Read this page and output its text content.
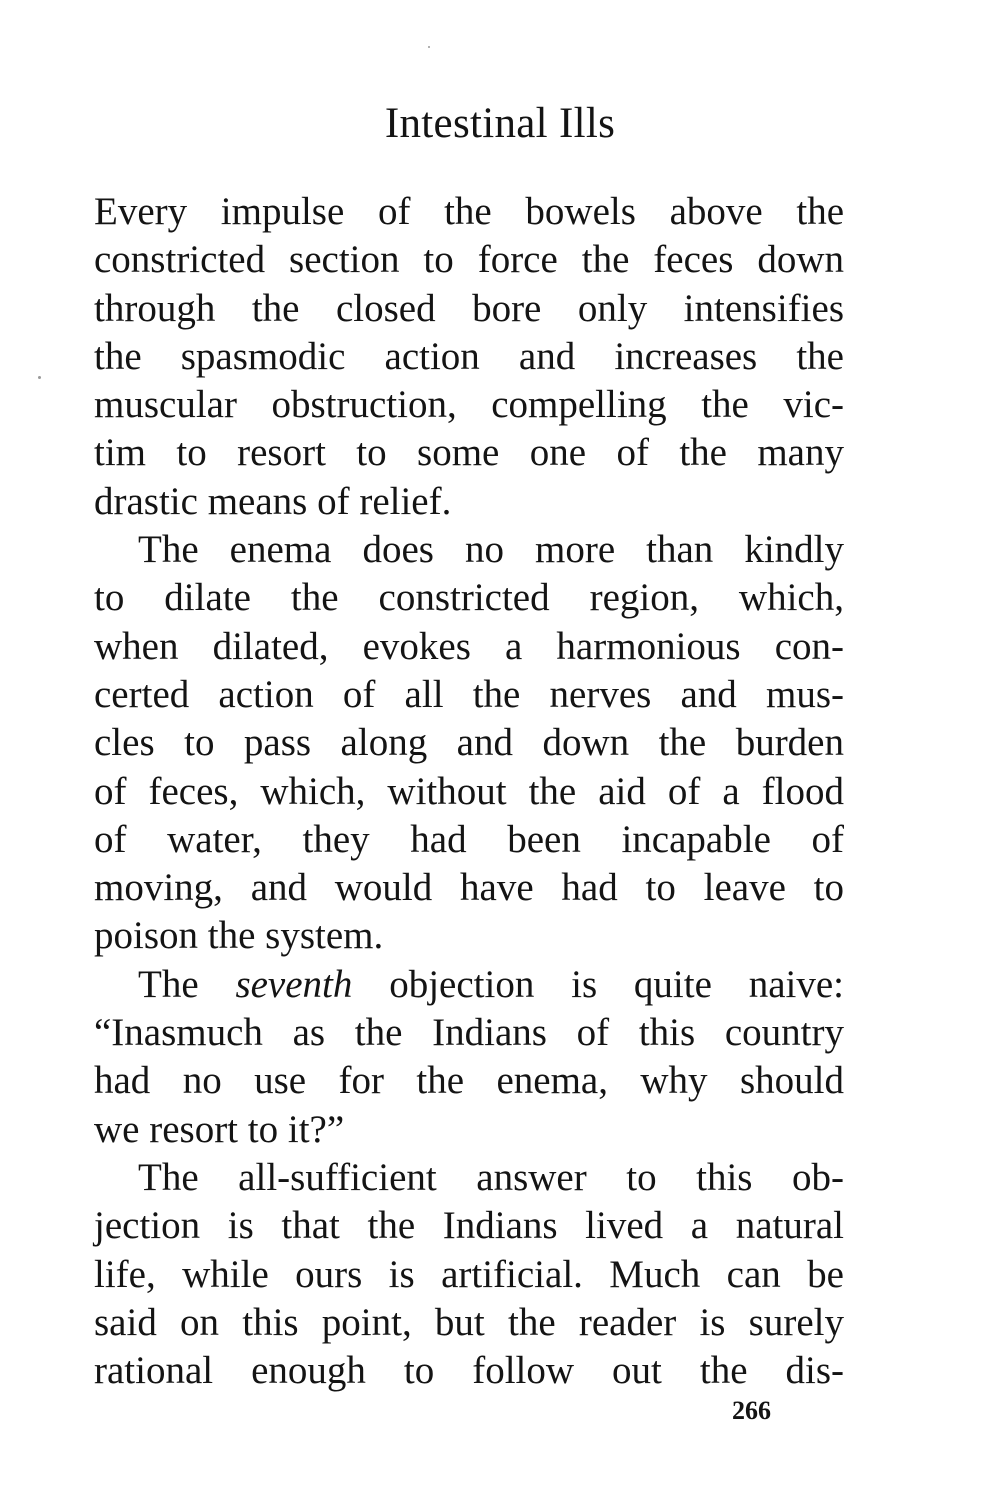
Intestinal Ills
Every impulse of the bowels above the
constricted section to force the feces down
through the closed bore only intensifies
the spasmodic action and increases the
muscular obstruction, compelling the vic-
tim to resort to some one of the many
drastic means of relief.
The enema does no more than kindly
to dilate the constricted region, which,
when dilated, evokes a harmonious con-
certed action of all the nerves and mus-
cles to pass along and down the burden
of feces, which, without the aid of a flood
of water, they had been incapable of
moving, and would have had to leave to
poison the system.
The seventh objection is quite naive:
“Inasmuch as the Indians of this country
had no use for the enema, why should
we resort to it?”
The all-sufficient answer to this ob-
jection is that the Indians lived a natural
life, while ours is artificial. Much can be
said on this point, but the reader is surely
rational enough to follow out the dis-
266
